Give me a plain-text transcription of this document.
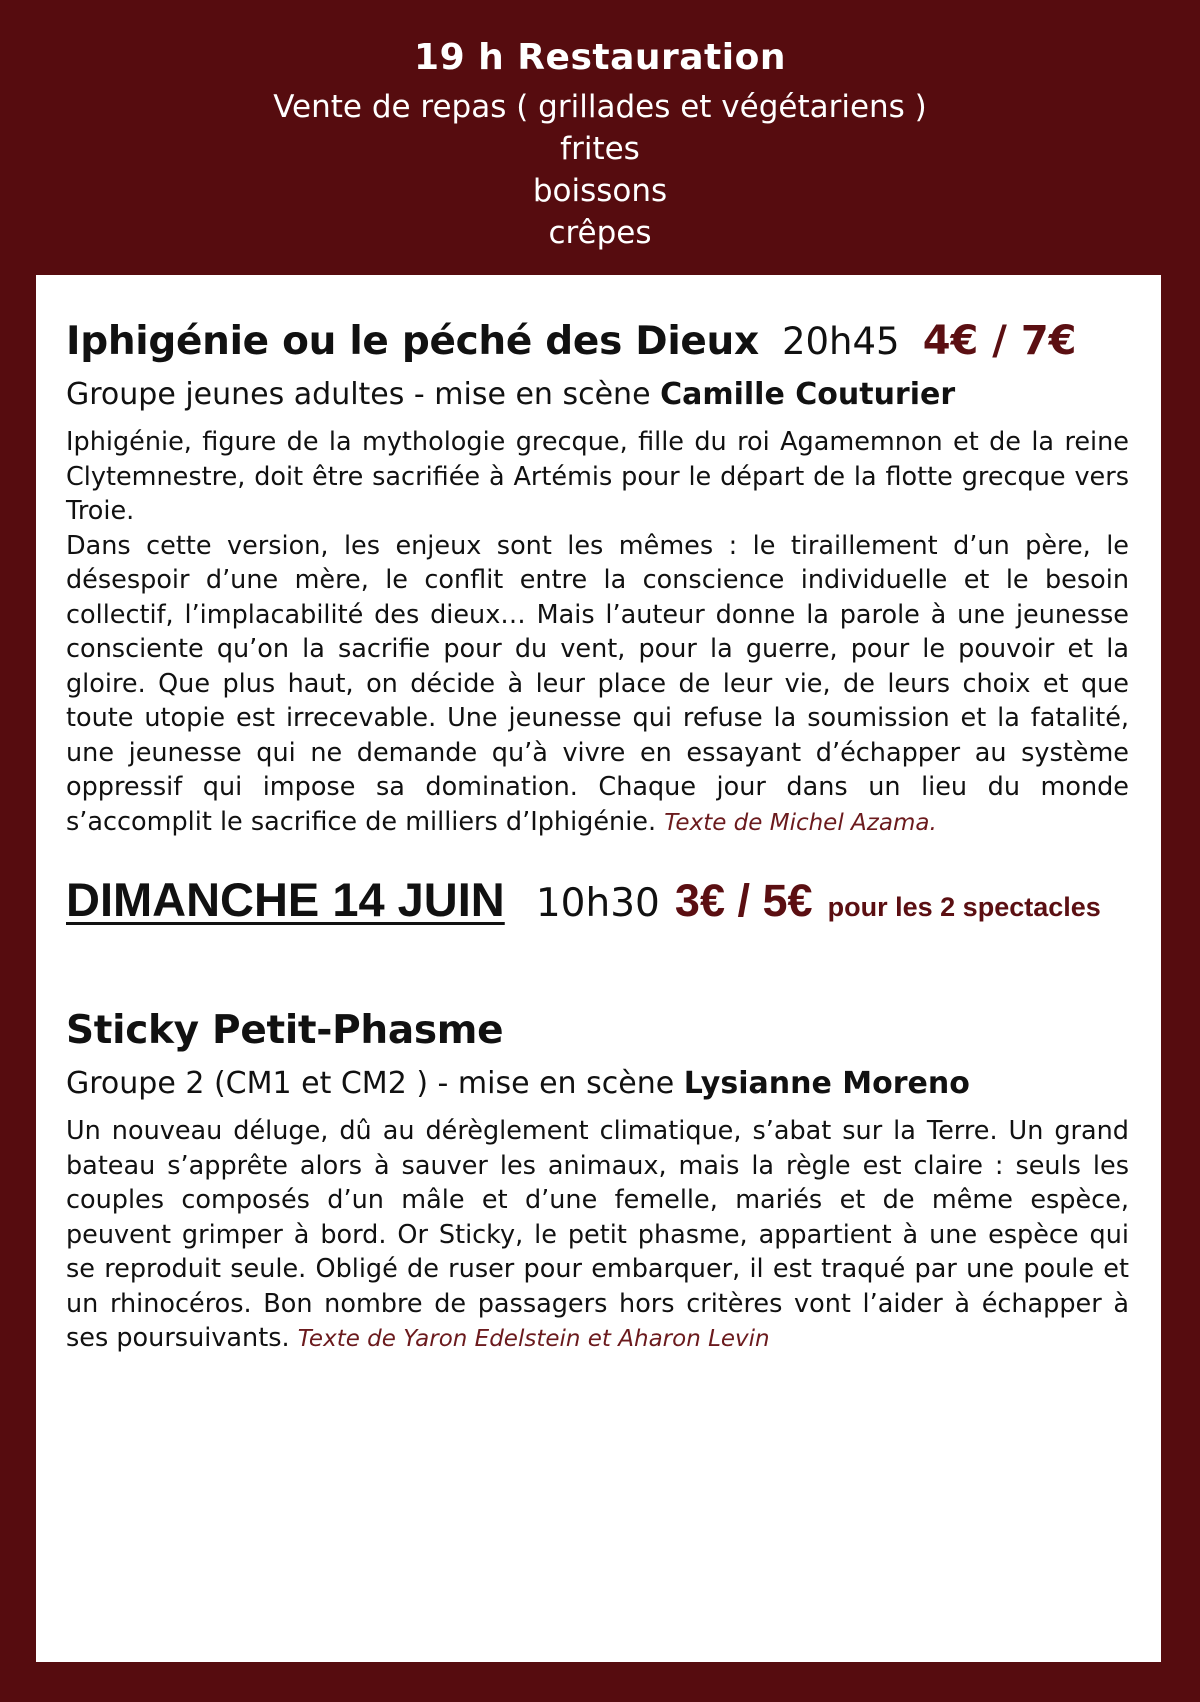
19 h Restauration
Vente de repas ( grillades et végétariens )
frites
boissons
crêpes
Iphigénie ou le péché des Dieux 20h45 4€ / 7€
Groupe jeunes adultes - mise en scène Camille Couturier

Iphigénie, figure de la mythologie grecque, fille du roi Agamemnon et de la reine Clytemnestre, doit être sacrifiée à Artémis pour le départ de la flotte grecque vers Troie.

Dans cette version, les enjeux sont les mêmes : le tiraillement d’un père, le désespoir d’une mère, le conflit entre la conscience individuelle et le besoin collectif, l’implacabilité des dieux… Mais l’auteur donne la parole à une jeunesse consciente qu’on la sacrifie pour du vent, pour la guerre, pour le pouvoir et la gloire. Que plus haut, on décide à leur place de leur vie, de leurs choix et que toute utopie est irrecevable. Une jeunesse qui refuse la soumission et la fatalité, une jeunesse qui ne demande qu’à vivre en essayant d’échapper au système oppressif qui impose sa domination. Chaque jour dans un lieu du monde s’accomplit le sacrifice de milliers d’Iphigénie. Texte de Michel Azama.

DIMANCHE 14 JUIN 10h30 3€ / 5€ pour les 2 spectacles
Sticky Petit-Phasme
Groupe 2 (CM1 et CM2 ) - mise en scène Lysianne Moreno

Un nouveau déluge, dû au dérèglement climatique, s’abat sur la Terre. Un grand bateau s’apprête alors à sauver les animaux, mais la règle est claire : seuls les couples composés d’un mâle et d’une femelle, mariés et de même espèce, peuvent grimper à bord. Or Sticky, le petit phasme, appartient à une espèce qui se reproduit seule. Obligé de ruser pour embarquer, il est traqué par une poule et un rhinocéros. Bon nombre de passagers hors critères vont l’aider à échapper à ses poursuivants. Texte de Yaron Edelstein et Aharon Levin
